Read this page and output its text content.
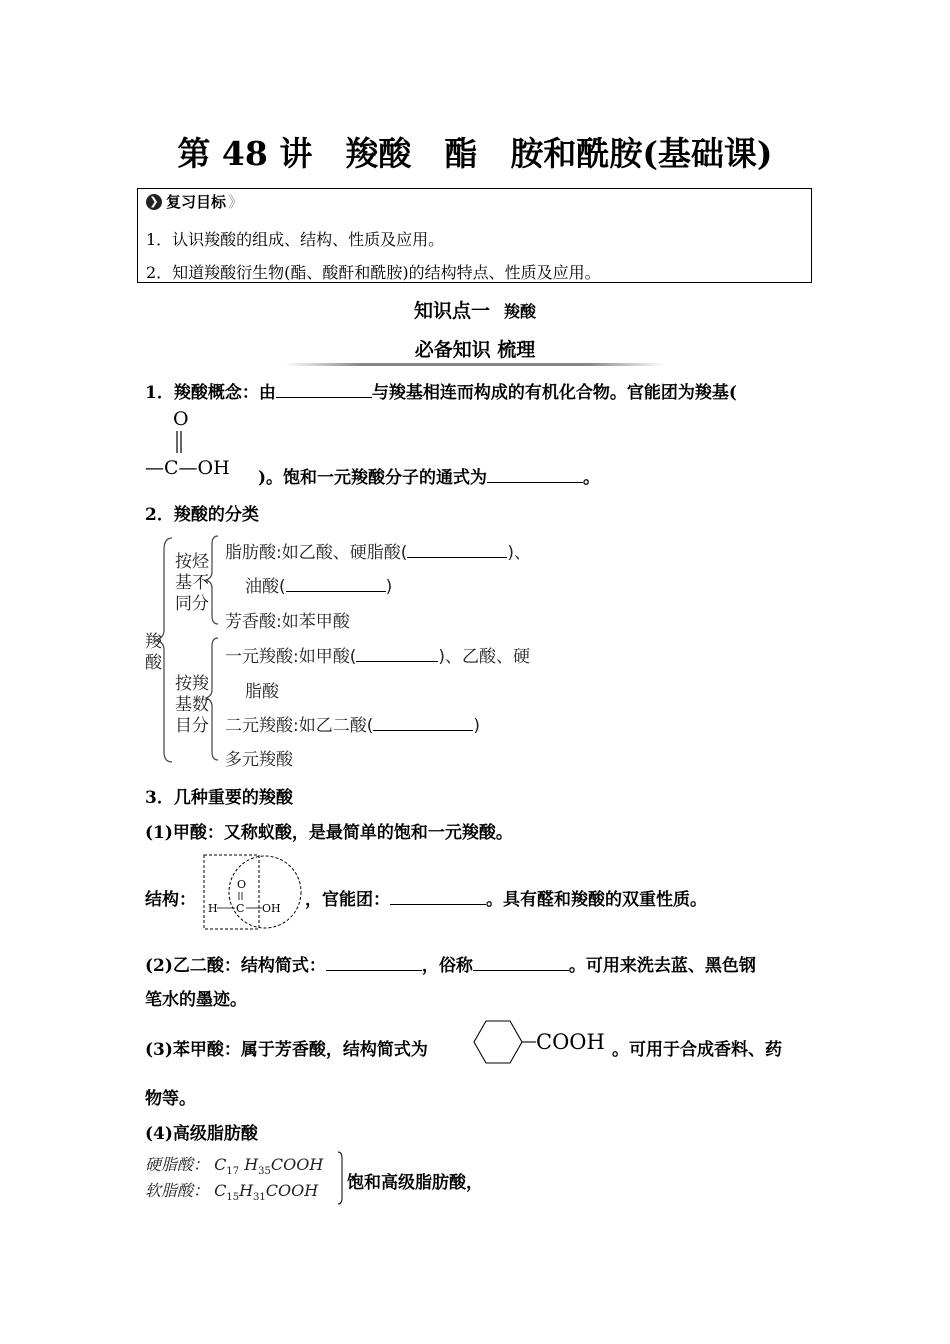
第 48 讲　羧酸　酯　胺和酰胺(基础课)
❯ 复习目标 》
1．认识羧酸的组成、结构、性质及应用。
2．知道羧酸衍生物(酯、酸酐和酰胺)的结构特点、性质及应用。
知识点一 羧酸
必备知识 梳理
1．羧酸概念：由	与羧基相连而构成的有机化合物。官能团为羧基(
O
—C—OH )。饱和一元羧酸分子的通式为	。
2．羧酸的分类
羧
酸
按烃
基不
同分
按羧
基数
目分
脂肪酸:如乙酸、硬脂酸(	)、
油酸(	)
芳香酸:如苯甲酸
一元羧酸:如甲酸(	)、乙酸、硬
脂酸
二元羧酸:如乙二酸(	)
多元羧酸
3．几种重要的羧酸
(1)甲酸：又称蚁酸，是最简单的饱和一元羧酸。
结构：
O
H C OH ，官能团：	。具有醛和羧酸的双重性质。
(2)乙二酸：结构简式：	，俗称	。可用来洗去蓝、黑色钢
笔水的墨迹。
(3)苯甲酸：属于芳香酸，结构简式为	COOH 。可用于合成香料、药
物等。
(4)高级脂肪酸
硬脂酸： $C_{17}$ $H_{35}COOH$
软脂酸： $C_{15}H_{31}COOH$ 饱和高级脂肪酸，
